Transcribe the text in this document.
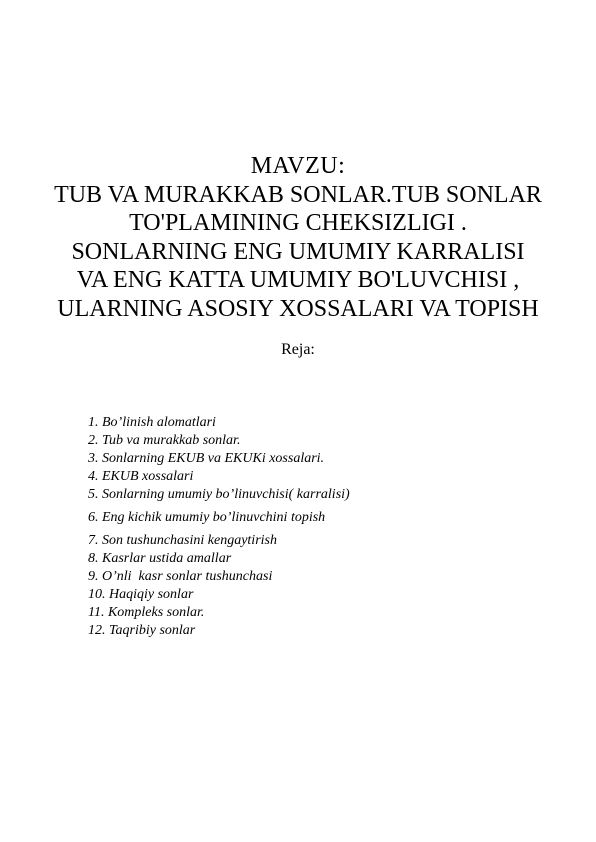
MAVZU:

TUB VA MURAKKAB SONLAR.TUB SONLAR

TO'PLAMINING CHEKSIZLIGI .

SONLARNING ENG UMUMIY KARRALISI

VA ENG KATTA UMUMIY BO'LUVCHISI ,

ULARNING ASOSIY XOSSALARI VA TOPISH

Reja:
1. Bo’linish alomatlari
2. Tub va murakkab sonlar.
3. Sonlarning EKUB va EKUKi xossalari.
4. EKUB xossalari
5. Sonlarning umumiy bo’linuvchisi( karralisi)
6. Eng kichik umumiy bo’linuvchini topish
7. Son tushunchasini kengaytirish
8. Kasrlar ustida amallar
9. O’nli  kasr sonlar tushunchasi
10. Haqiqiy sonlar
11. Kompleks sonlar.
12. Taqribiy sonlar
